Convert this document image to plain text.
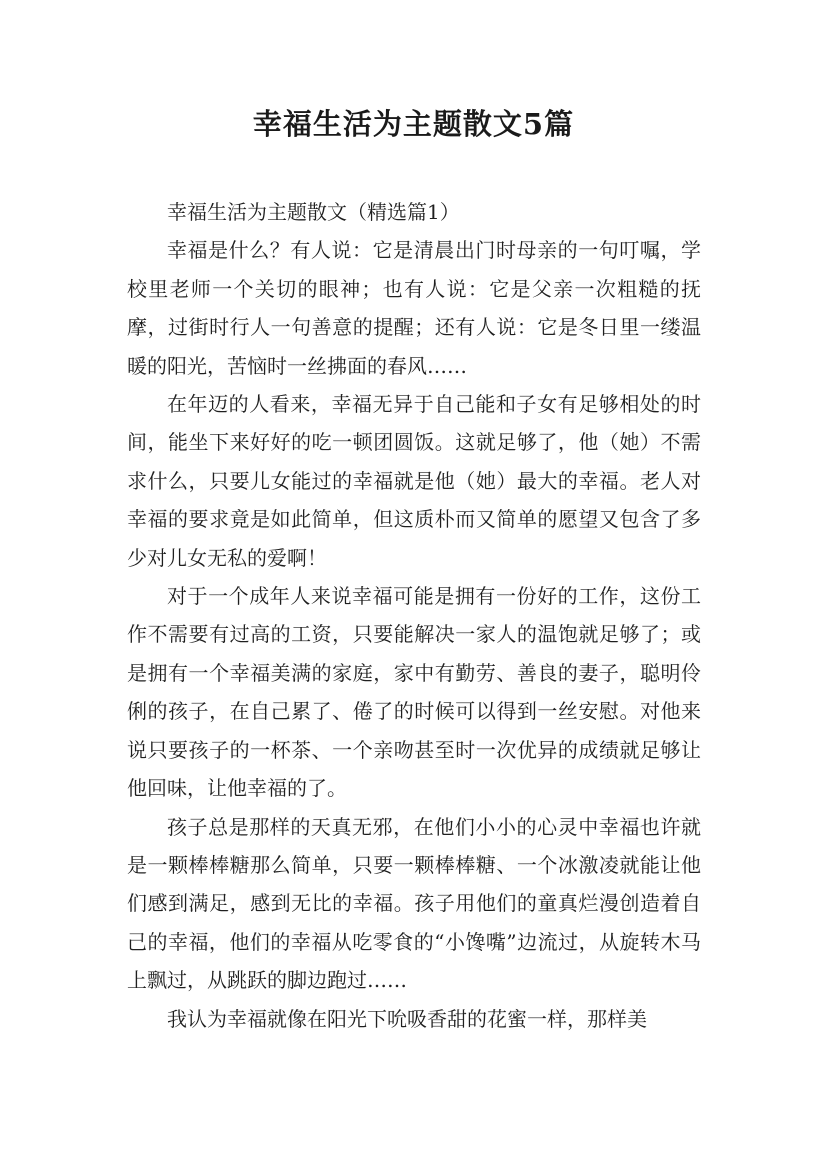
幸福生活为主题散文5篇

幸福生活为主题散文（精选篇1）

幸福是什么？有人说：它是清晨出门时母亲的一句叮嘱，学校里老师一个关切的眼神；也有人说：它是父亲一次粗糙的抚摩，过街时行人一句善意的提醒；还有人说：它是冬日里一缕温暖的阳光，苦恼时一丝拂面的春风……

在年迈的人看来，幸福无异于自己能和子女有足够相处的时间，能坐下来好好的吃一顿团圆饭。这就足够了，他（她）不需求什么，只要儿女能过的幸福就是他（她）最大的幸福。老人对幸福的要求竟是如此简单，但这质朴而又简单的愿望又包含了多少对儿女无私的爱啊！

对于一个成年人来说幸福可能是拥有一份好的工作，这份工作不需要有过高的工资，只要能解决一家人的温饱就足够了；或是拥有一个幸福美满的家庭，家中有勤劳、善良的妻子，聪明伶俐的孩子，在自己累了、倦了的时候可以得到一丝安慰。对他来说只要孩子的一杯茶、一个亲吻甚至时一次优异的成绩就足够让他回味，让他幸福的了。

孩子总是那样的天真无邪，在他们小小的心灵中幸福也许就是一颗棒棒糖那么简单，只要一颗棒棒糖、一个冰激凌就能让他们感到满足，感到无比的幸福。孩子用他们的童真烂漫创造着自己的幸福，他们的幸福从吃零食的“小馋嘴”边流过，从旋转木马上飘过，从跳跃的脚边跑过……

我认为幸福就像在阳光下吮吸香甜的花蜜一样，那样美
